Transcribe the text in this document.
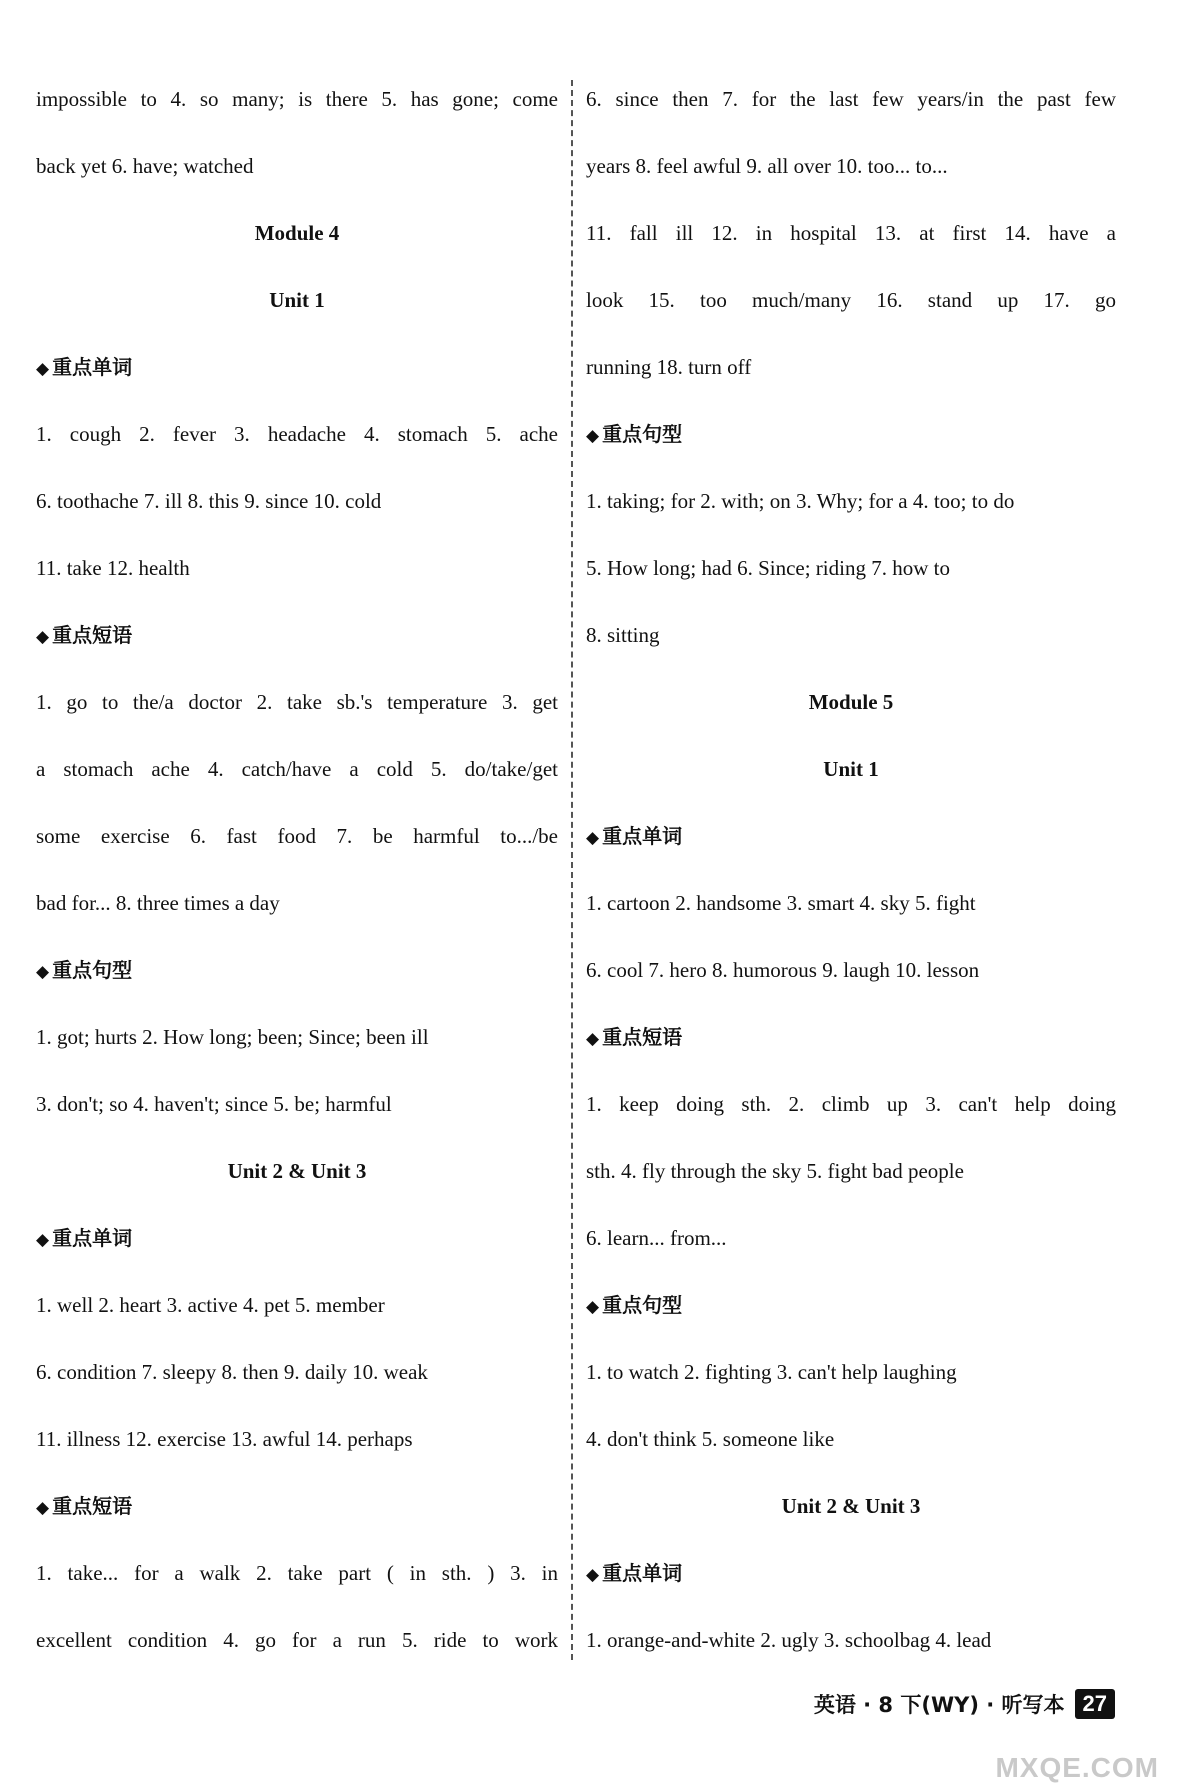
impossible to 4. so many; is there 5. has gone; come
back yet 6. have; watched
Module 4
Unit 1
◆ 重点单词
1. cough 2. fever 3. headache 4. stomach 5. ache
6. toothache 7. ill 8. this 9. since 10. cold
11. take 12. health
◆ 重点短语
1. go to the/a doctor 2. take sb.'s temperature 3. get
a stomach ache 4. catch/have a cold 5. do/take/get
some exercise 6. fast food 7. be harmful to.../be
bad for... 8. three times a day
◆ 重点句型
1. got; hurts 2. How long; been; Since; been ill
3. don't; so 4. haven't; since 5. be; harmful
Unit 2 & Unit 3
◆ 重点单词
1. well 2. heart 3. active 4. pet 5. member
6. condition 7. sleepy 8. then 9. daily 10. weak
11. illness 12. exercise 13. awful 14. perhaps
◆ 重点短语
1. take... for a walk 2. take part ( in sth. ) 3. in
excellent condition 4. go for a run 5. ride to work
6. since then 7. for the last few years/in the past few
years 8. feel awful 9. all over 10. too... to...
11. fall ill 12. in hospital 13. at first 14. have a
look 15. too much/many 16. stand up 17. go
running 18. turn off
◆ 重点句型
1. taking; for 2. with; on 3. Why; for a 4. too; to do
5. How long; had 6. Since; riding 7. how to
8. sitting
Module 5
Unit 1
◆ 重点单词
1. cartoon 2. handsome 3. smart 4. sky 5. fight
6. cool 7. hero 8. humorous 9. laugh 10. lesson
◆ 重点短语
1. keep doing sth. 2. climb up 3. can't help doing
sth. 4. fly through the sky 5. fight bad people
6. learn... from...
◆ 重点句型
1. to watch 2. fighting 3. can't help laughing
4. don't think 5. someone like
Unit 2 & Unit 3
◆ 重点单词
1. orange-and-white 2. ugly 3. schoolbag 4. lead
英语 · 8 下(WY) · 听写本 27
MXQE.COM
